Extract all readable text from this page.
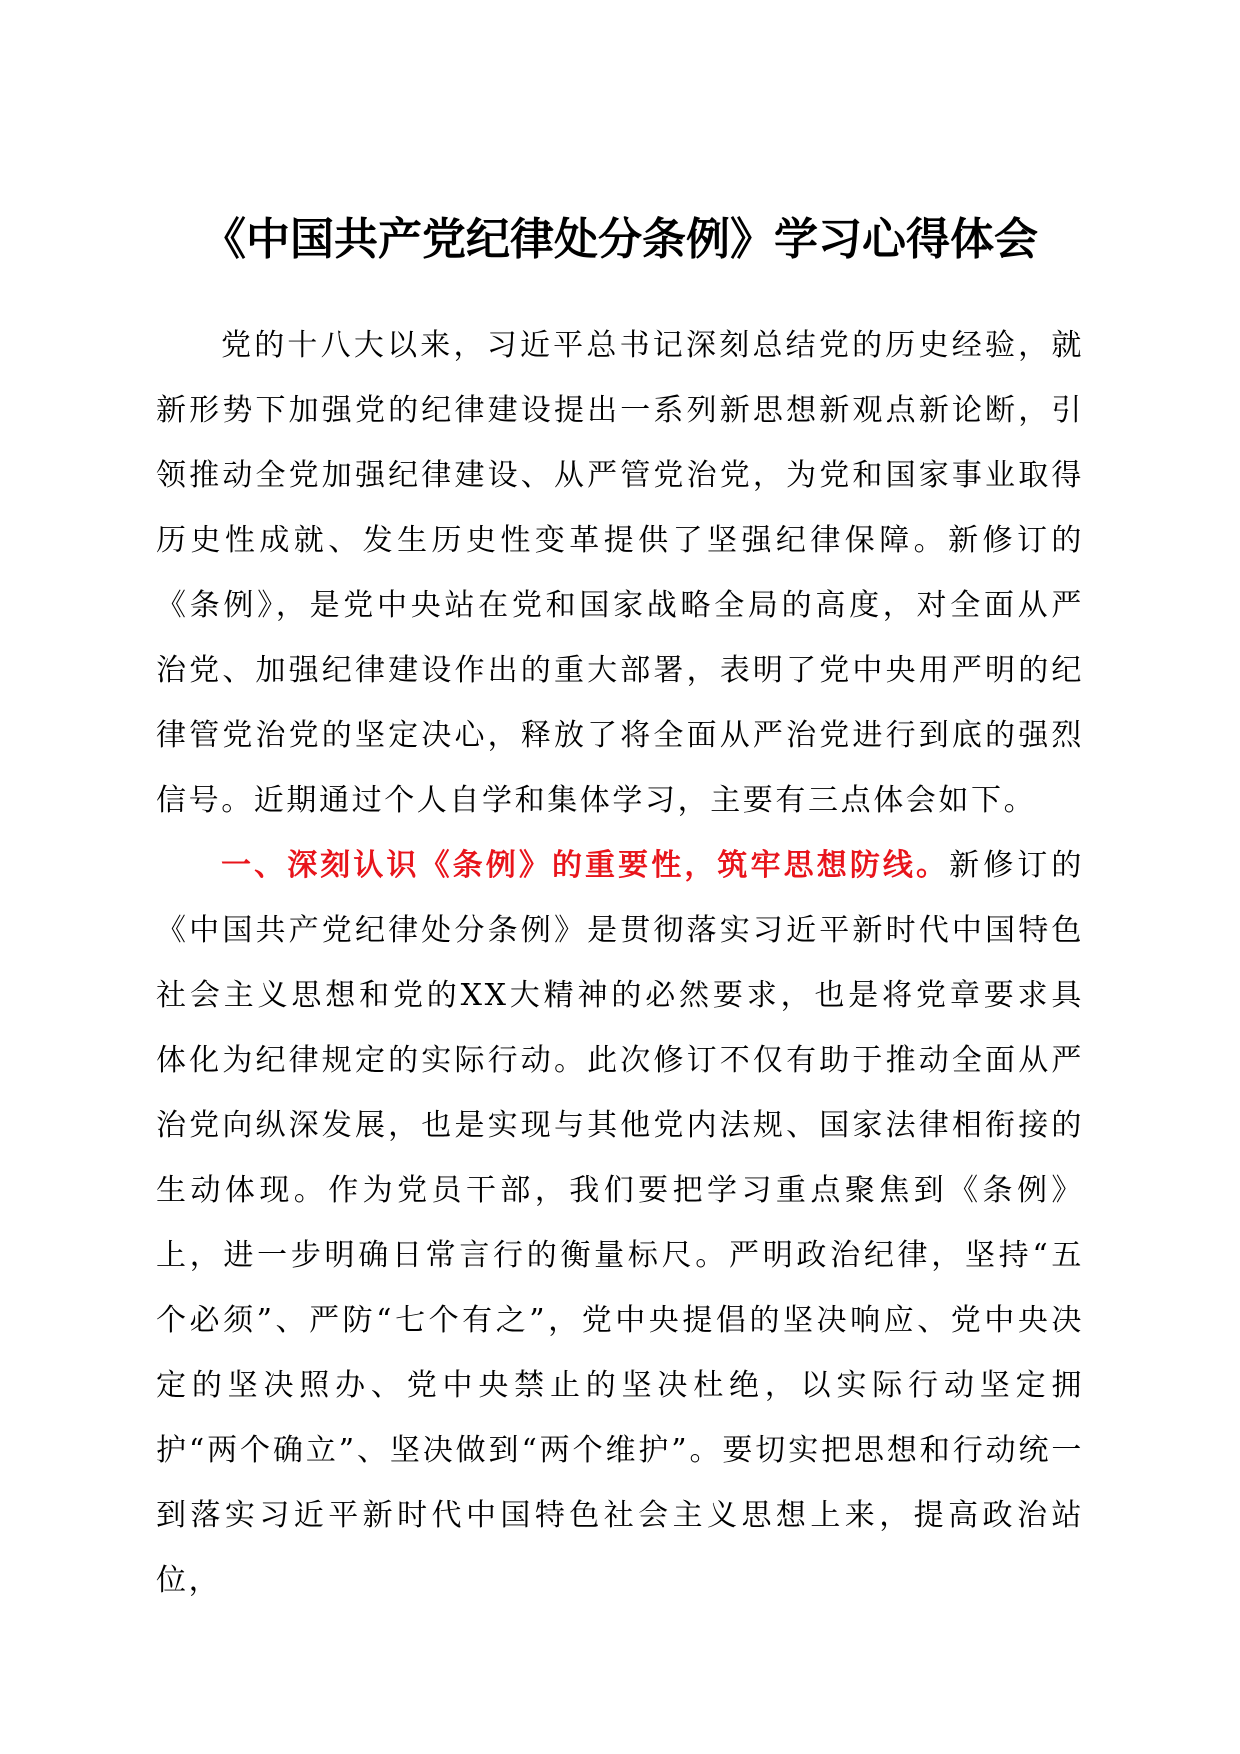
《中国共产党纪律处分条例》学习心得体会

党的十八大以来，习近平总书记深刻总结党的历史经验，就新形势下加强党的纪律建设提出一系列新思想新观点新论断，引领推动全党加强纪律建设、从严管党治党，为党和国家事业取得历史性成就、发生历史性变革提供了坚强纪律保障。新修订的《条例》，是党中央站在党和国家战略全局的高度，对全面从严治党、加强纪律建设作出的重大部署，表明了党中央用严明的纪律管党治党的坚定决心，释放了将全面从严治党进行到底的强烈信号。近期通过个人自学和集体学习，主要有三点体会如下。

一、深刻认识《条例》的重要性，筑牢思想防线。新修订的《中国共产党纪律处分条例》是贯彻落实习近平新时代中国特色社会主义思想和党的XX大精神的必然要求，也是将党章要求具体化为纪律规定的实际行动。此次修订不仅有助于推动全面从严治党向纵深发展，也是实现与其他党内法规、国家法律相衔接的生动体现。作为党员干部，我们要把学习重点聚焦到《条例》上，进一步明确日常言行的衡量标尺。严明政治纪律，坚持“五个必须”、严防“七个有之”，党中央提倡的坚决响应、党中央决定的坚决照办、党中央禁止的坚决杜绝，以实际行动坚定拥护“两个确立”、坚决做到“两个维护”。要切实把思想和行动统一到落实习近平新时代中国特色社会主义思想上来，提高政治站位，
